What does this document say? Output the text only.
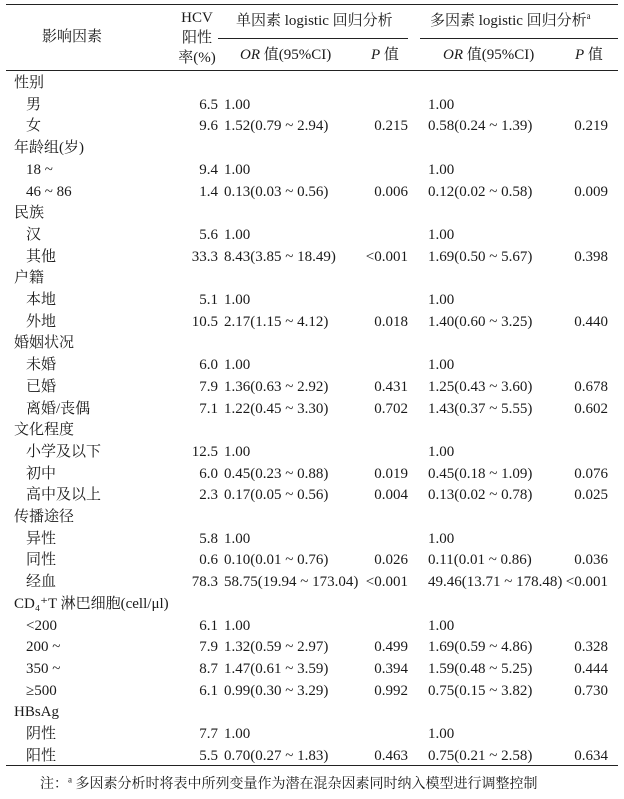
影响因素
HCV
阳性
率(%)
单因素 logistic 回归分析 多因素 logistic 回归分析$^a$
OR 值(95%CI)	P 值	OR 值(95%CI)	P 值
性别
男	6.5 1.00	1.00
女	9.6 1.52(0.79 ~ 2.94)	0.215 0.58(0.24 ~ 1.39)	0.219
年龄组(岁)
18 ~	9.4 1.00	1.00
46 ~ 86	1.4 0.13(0.03 ~ 0.56)	0.006 0.12(0.02 ~ 0.58)	0.009
民族
汉	5.6 1.00	1.00
其他	33.3 8.43(3.85 ~ 18.49) <0.001 1.69(0.50 ~ 5.67)	0.398
户籍
本地	5.1 1.00	1.00
外地	10.5 2.17(1.15 ~ 4.12)	0.018 1.40(0.60 ~ 3.25)	0.440
婚姻状况
未婚	6.0 1.00	1.00
已婚	7.9 1.36(0.63 ~ 2.92)	0.431 1.25(0.43 ~ 3.60)	0.678
离婚/丧偶	7.1 1.22(0.45 ~ 3.30)	0.702 1.43(0.37 ~ 5.55)	0.602
文化程度
小学及以下	12.5 1.00	1.00
初中	6.0 0.45(0.23 ~ 0.88)	0.019 0.45(0.18 ~ 1.09)	0.076
高中及以上	2.3 0.17(0.05 ~ 0.56)	0.004 0.13(0.02 ~ 0.78)	0.025
传播途径
异性	5.8 1.00	1.00
同性	0.6 0.10(0.01 ~ 0.76)	0.026 0.11(0.01 ~ 0.86)	0.036
经血	78.3 58.75(19.94 ~ 173.04) <0.001 49.46(13.71 ~ 178.48) <0.001
CD₄⁺T 淋巴细胞(cell/μl)
<200	6.1 1.00	1.00
200 ~	7.9 1.32(0.59 ~ 2.97)	0.499 1.69(0.59 ~ 4.86)	0.328
350 ~	8.7 1.47(0.61 ~ 3.59)	0.394 1.59(0.48 ~ 5.25)	0.444
≥500	6.1 0.99(0.30 ~ 3.29)	0.992 0.75(0.15 ~ 3.82)	0.730
HBsAg
阴性	7.7 1.00	1.00
阳性	5.5 0.70(0.27 ~ 1.83)	0.463 0.75(0.21 ~ 2.58)	0.634
注：$^a$ 多因素分析时将表中所列变量作为潜在混杂因素同时纳入模型进行调整控制
